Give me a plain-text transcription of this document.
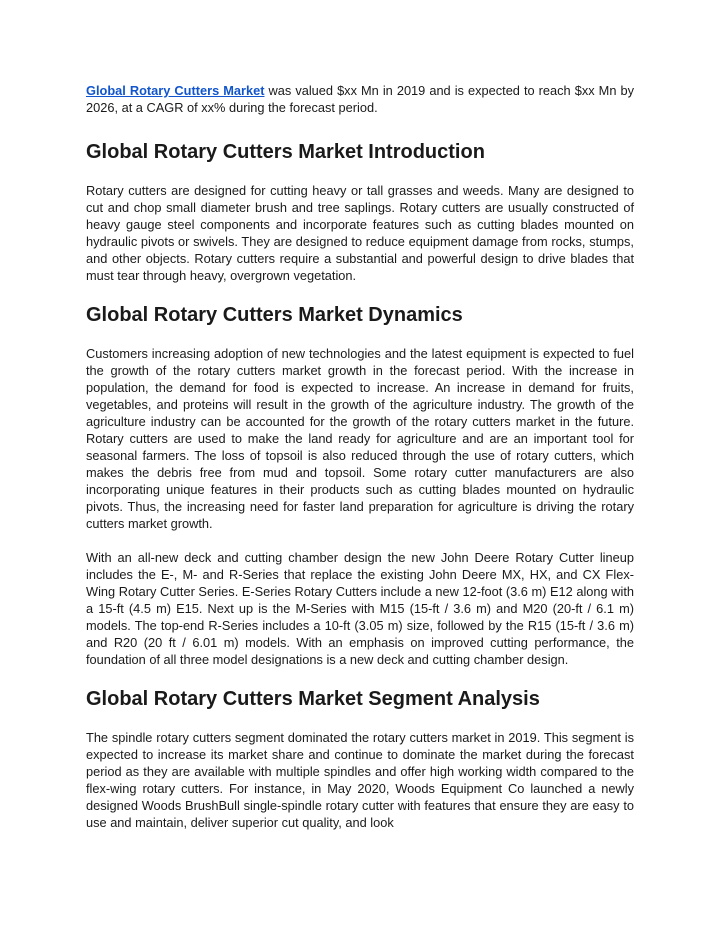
Global Rotary Cutters Market was valued $xx Mn in 2019 and is expected to reach $xx Mn by 2026, at a CAGR of xx% during the forecast period.

Global Rotary Cutters Market Introduction

Rotary cutters are designed for cutting heavy or tall grasses and weeds. Many are designed to cut and chop small diameter brush and tree saplings. Rotary cutters are usually constructed of heavy gauge steel components and incorporate features such as cutting blades mounted on hydraulic pivots or swivels. They are designed to reduce equipment damage from rocks, stumps, and other objects. Rotary cutters require a substantial and powerful design to drive blades that must tear through heavy, overgrown vegetation.

Global Rotary Cutters Market Dynamics

Customers increasing adoption of new technologies and the latest equipment is expected to fuel the growth of the rotary cutters market growth in the forecast period. With the increase in population, the demand for food is expected to increase. An increase in demand for fruits, vegetables, and proteins will result in the growth of the agriculture industry. The growth of the agriculture industry can be accounted for the growth of the rotary cutters market in the future. Rotary cutters are used to make the land ready for agriculture and are an important tool for seasonal farmers. The loss of topsoil is also reduced through the use of rotary cutters, which makes the debris free from mud and topsoil. Some rotary cutter manufacturers are also incorporating unique features in their products such as cutting blades mounted on hydraulic pivots. Thus, the increasing need for faster land preparation for agriculture is driving the rotary cutters market growth.

With an all-new deck and cutting chamber design the new John Deere Rotary Cutter lineup includes the E-, M- and R-Series that replace the existing John Deere MX, HX, and CX Flex-Wing Rotary Cutter Series. E-Series Rotary Cutters include a new 12-foot (3.6 m) E12 along with a 15-ft (4.5 m) E15. Next up is the M-Series with M15 (15-ft / 3.6 m) and M20 (20-ft / 6.1 m) models. The top-end R-Series includes a 10-ft (3.05 m) size, followed by the R15 (15-ft / 3.6 m) and R20 (20 ft / 6.01 m) models. With an emphasis on improved cutting performance, the foundation of all three model designations is a new deck and cutting chamber design.

Global Rotary Cutters Market Segment Analysis

The spindle rotary cutters segment dominated the rotary cutters market in 2019. This segment is expected to increase its market share and continue to dominate the market during the forecast period as they are available with multiple spindles and offer high working width compared to the flex-wing rotary cutters. For instance, in May 2020, Woods Equipment Co launched a newly designed Woods BrushBull single-spindle rotary cutter with features that ensure they are easy to use and maintain, deliver superior cut quality, and look
